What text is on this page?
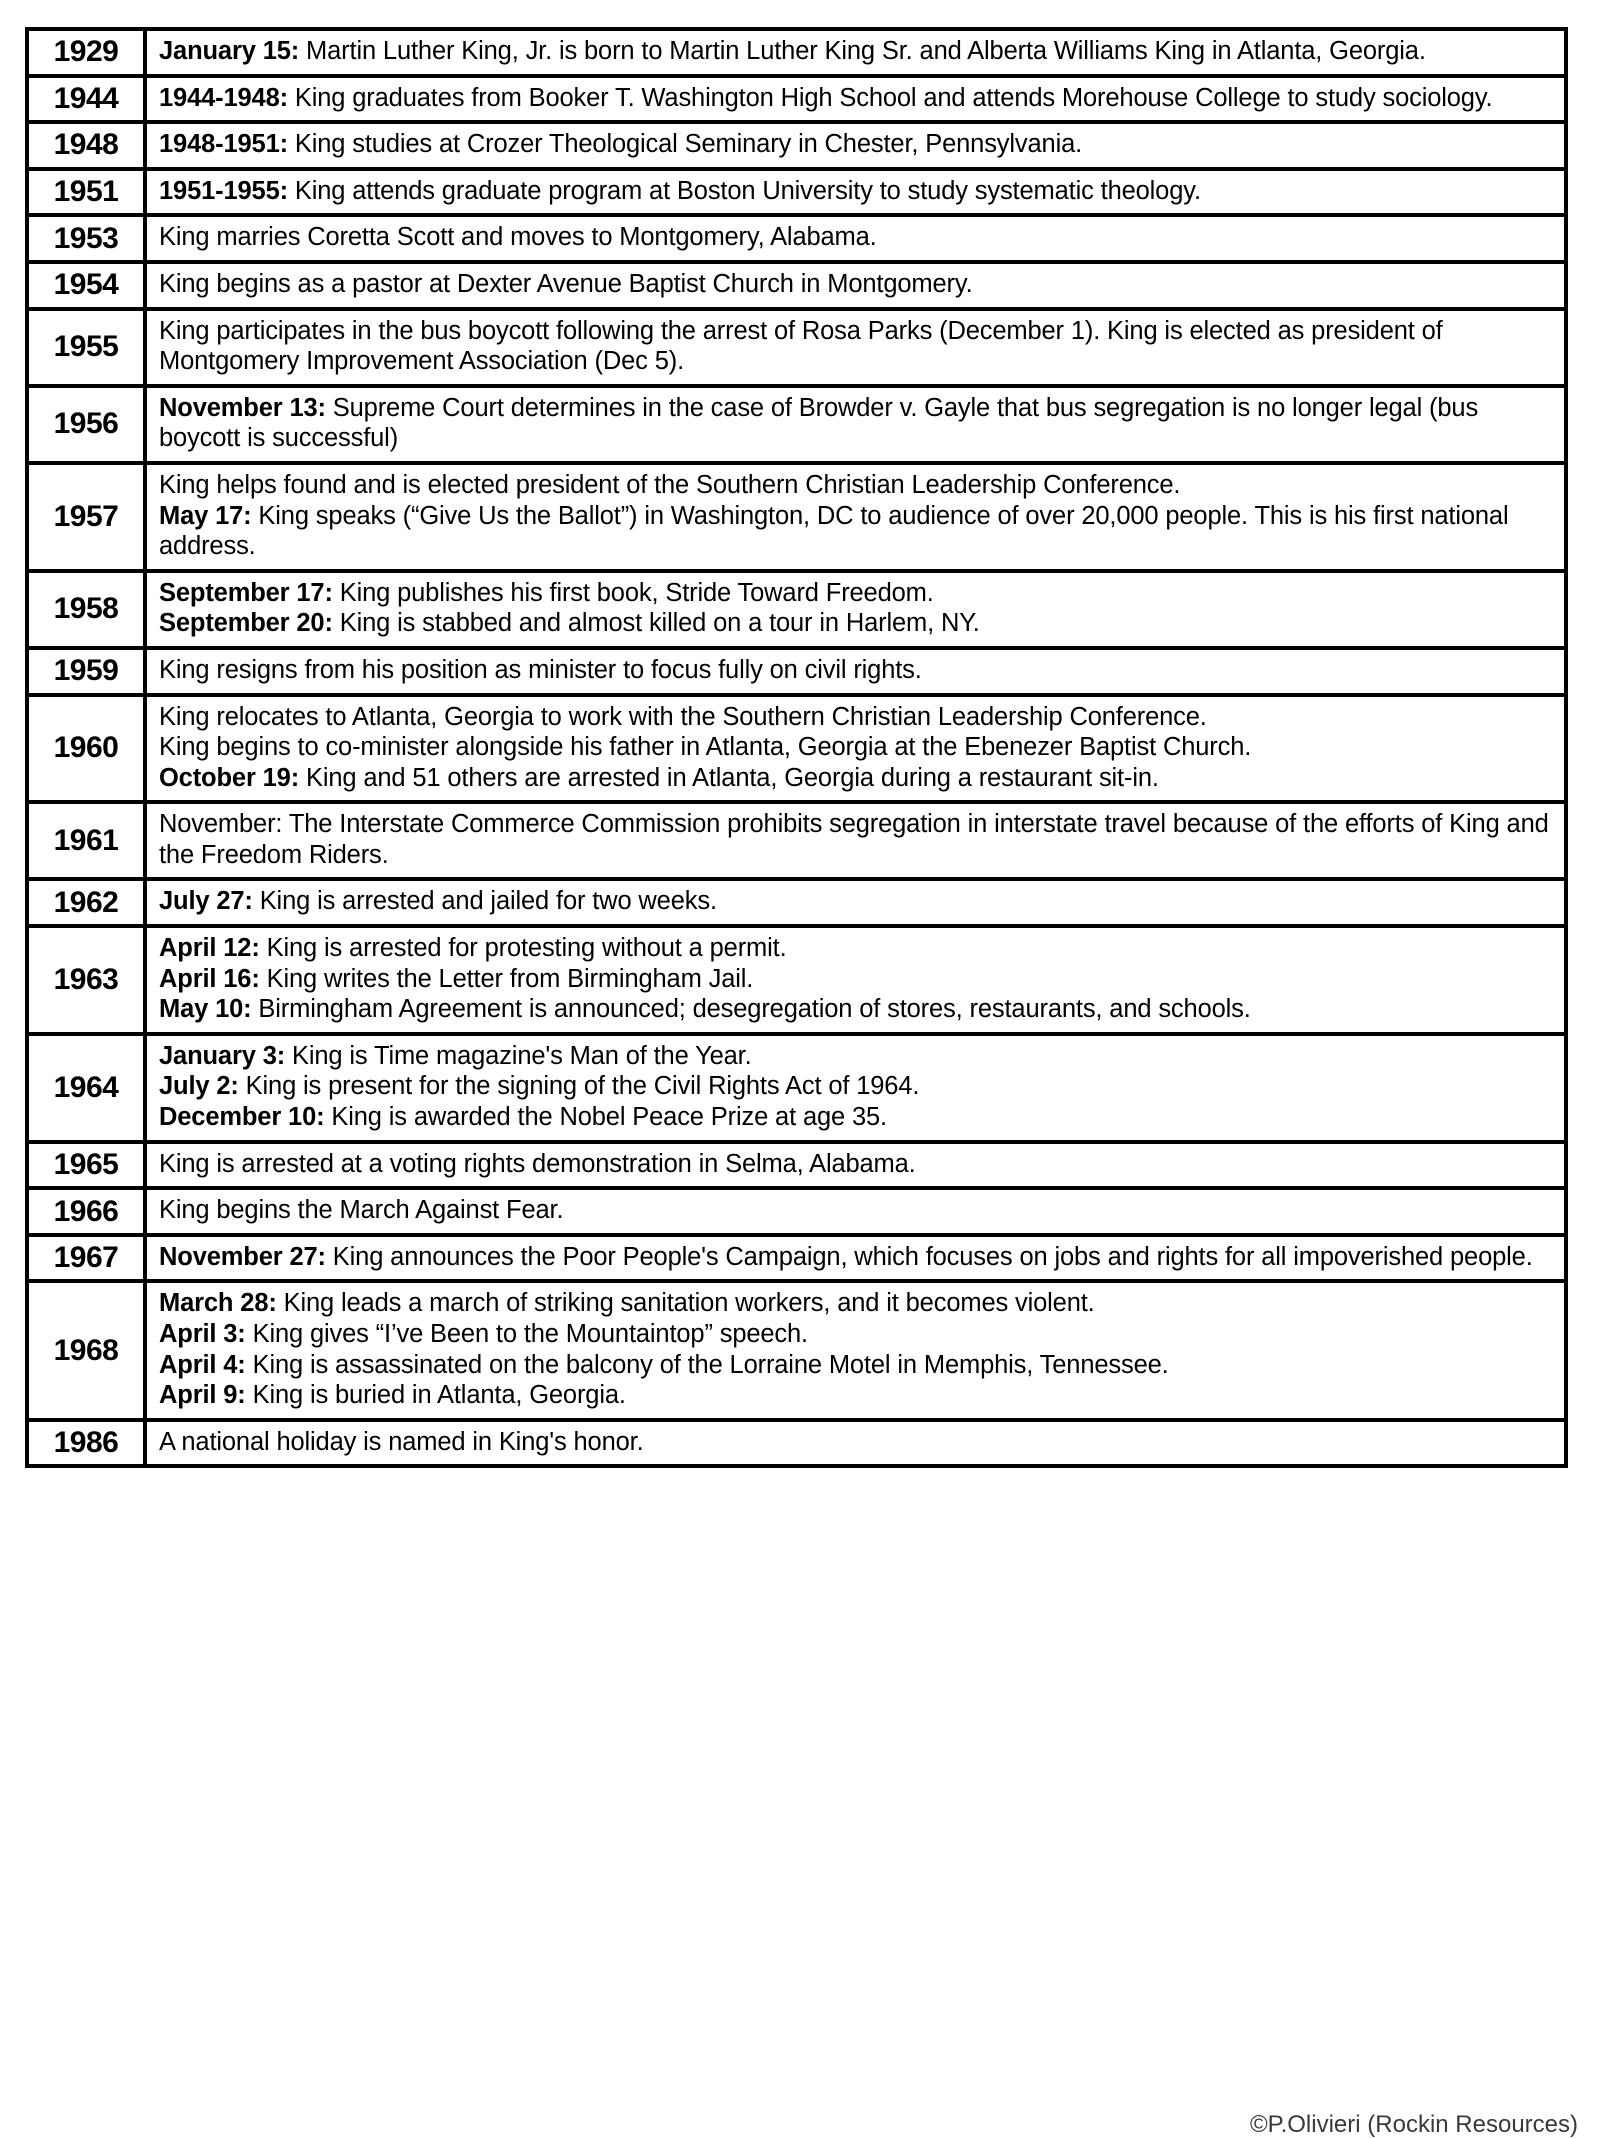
1929	January 15: Martin Luther King, Jr. is born to Martin Luther King Sr. and Alberta Williams King in Atlanta, Georgia.

1944	1944-1948: King graduates from Booker T. Washington High School and attends Morehouse College to study sociology.

1948	1948-1951: King studies at Crozer Theological Seminary in Chester, Pennsylvania.

1951	1951-1955: King attends graduate program at Boston University to study systematic theology.

1953	King marries Coretta Scott and moves to Montgomery, Alabama.

1954	King begins as a pastor at Dexter Avenue Baptist Church in Montgomery.

1955	King participates in the bus boycott following the arrest of Rosa Parks (December 1). King is elected as president of Montgomery Improvement Association (Dec 5).

1956	November 13: Supreme Court determines in the case of Browder v. Gayle that bus segregation is no longer legal (bus boycott is successful)

1957	King helps found and is elected president of the Southern Christian Leadership Conference.
May 17: King speaks (“Give Us the Ballot”) in Washington, DC to audience of over 20,000 people. This is his first national address.

1958	September 17: King publishes his first book, Stride Toward Freedom.
September 20: King is stabbed and almost killed on a tour in Harlem, NY.

1959	King resigns from his position as minister to focus fully on civil rights.

1960	King relocates to Atlanta, Georgia to work with the Southern Christian Leadership Conference.
King begins to co-minister alongside his father in Atlanta, Georgia at the Ebenezer Baptist Church.
October 19: King and 51 others are arrested in Atlanta, Georgia during a restaurant sit-in.

1961	November: The Interstate Commerce Commission prohibits segregation in interstate travel because of the efforts of King and the Freedom Riders.

1962	July 27: King is arrested and jailed for two weeks.

1963	April 12: King is arrested for protesting without a permit.
April 16: King writes the Letter from Birmingham Jail.
May 10: Birmingham Agreement is announced; desegregation of stores, restaurants, and schools.

1964	January 3: King is Time magazine's Man of the Year.
July 2: King is present for the signing of the Civil Rights Act of 1964.
December 10: King is awarded the Nobel Peace Prize at age 35.

1965	King is arrested at a voting rights demonstration in Selma, Alabama.

1966	King begins the March Against Fear.

1967	November 27: King announces the Poor People's Campaign, which focuses on jobs and rights for all impoverished people.

1968	March 28: King leads a march of striking sanitation workers, and it becomes violent.
April 3: King gives “I’ve Been to the Mountaintop” speech.
April 4: King is assassinated on the balcony of the Lorraine Motel in Memphis, Tennessee.
April 9: King is buried in Atlanta, Georgia.

1986	A national holiday is named in King's honor.
©P.Olivieri (Rockin Resources)
